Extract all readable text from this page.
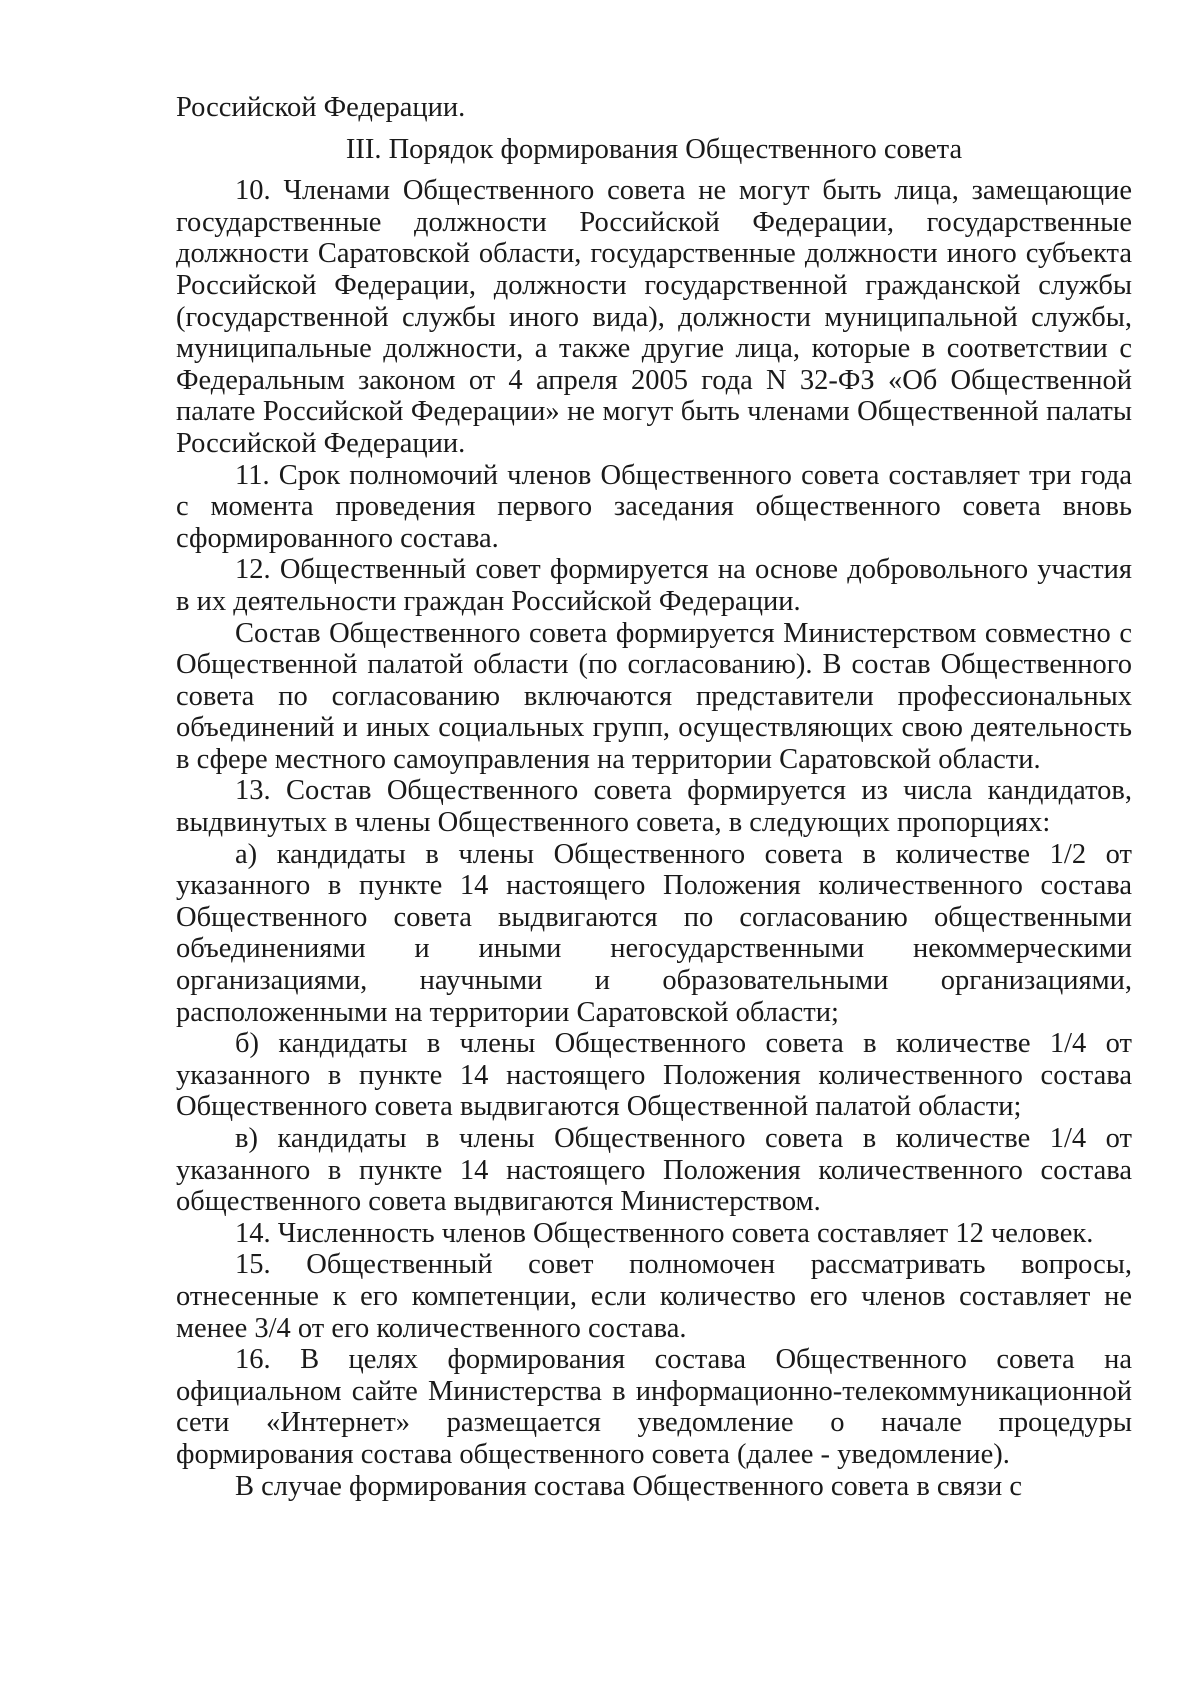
Российской Федерации.

III. Порядок формирования Общественного совета

10. Членами Общественного совета не могут быть лица, замещающие государственные должности Российской Федерации, государственные должности Саратовской области, государственные должности иного субъекта Российской Федерации, должности государственной гражданской службы (государственной службы иного вида), должности муниципальной службы, муниципальные должности, а также другие лица, которые в соответствии с Федеральным законом от 4 апреля 2005 года N 32-ФЗ «Об Общественной палате Российской Федерации» не могут быть членами Общественной палаты Российской Федерации.

11. Срок полномочий членов Общественного совета составляет три года с момента проведения первого заседания общественного совета вновь сформированного состава.

12. Общественный совет формируется на основе добровольного участия в их деятельности граждан Российской Федерации.

Состав Общественного совета формируется Министерством совместно с Общественной палатой области (по согласованию). В состав Общественного совета по согласованию включаются представители профессиональных объединений и иных социальных групп, осуществляющих свою деятельность в сфере местного самоуправления на территории Саратовской области.

13. Состав Общественного совета формируется из числа кандидатов, выдвинутых в члены Общественного совета, в следующих пропорциях:

а) кандидаты в члены Общественного совета в количестве 1/2 от указанного в пункте 14 настоящего Положения количественного состава Общественного совета выдвигаются по согласованию общественными объединениями и иными негосударственными некоммерческими организациями, научными и образовательными организациями, расположенными на территории Саратовской области;

б) кандидаты в члены Общественного совета в количестве 1/4 от указанного в пункте 14 настоящего Положения количественного состава Общественного совета выдвигаются Общественной палатой области;

в) кандидаты в члены Общественного совета в количестве 1/4 от указанного в пункте 14 настоящего Положения количественного состава общественного совета выдвигаются Министерством.

14. Численность членов Общественного совета составляет 12 человек.

15. Общественный совет полномочен рассматривать вопросы, отнесенные к его компетенции, если количество его членов составляет не менее 3/4 от его количественного состава.

16. В целях формирования состава Общественного совета на официальном сайте Министерства в информационно-телекоммуникационной сети «Интернет» размещается уведомление о начале процедуры формирования состава общественного совета (далее - уведомление).

В случае формирования состава Общественного совета в связи с
